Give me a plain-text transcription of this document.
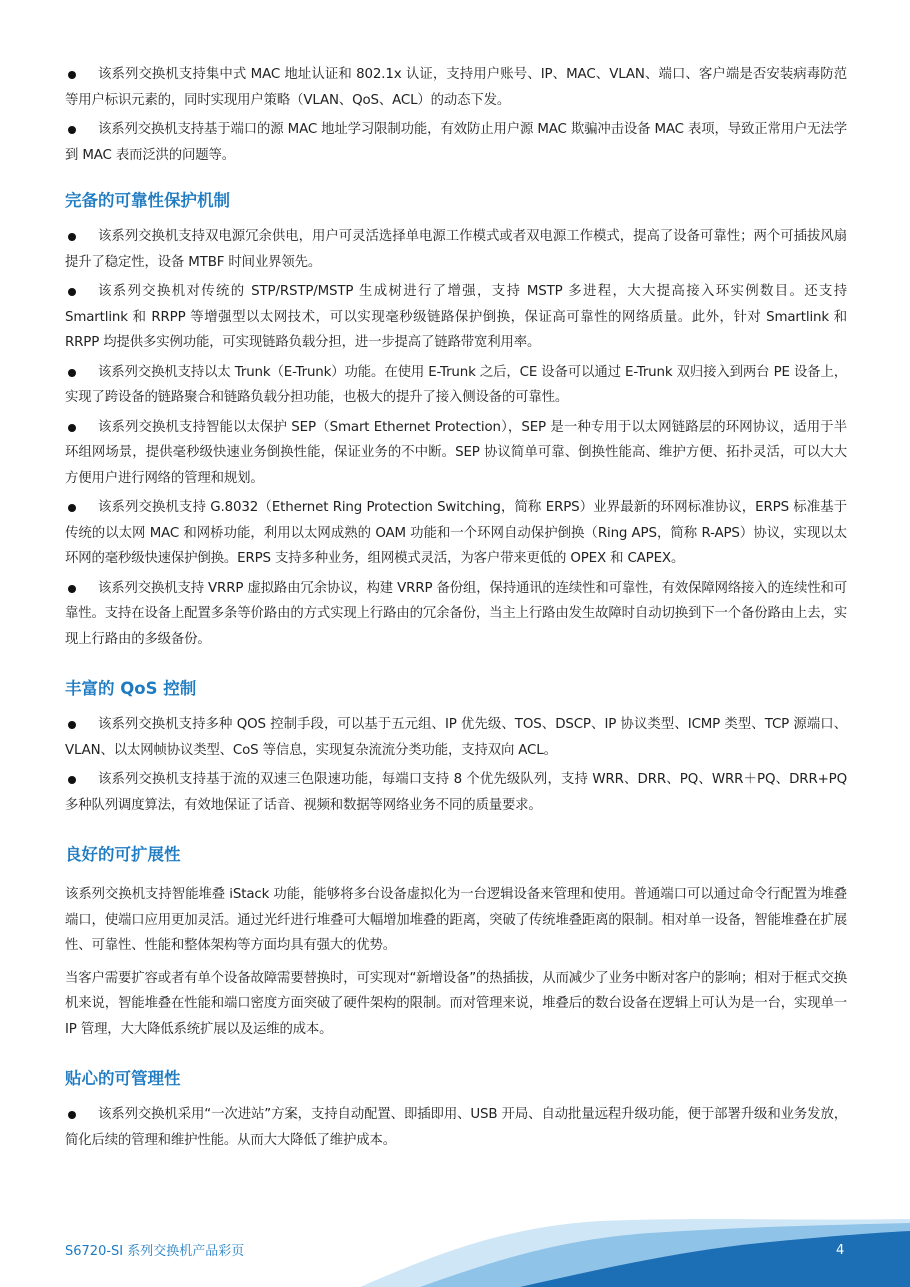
该系列交换机支持集中式 MAC 地址认证和 802.1x 认证，支持用户账号、IP、MAC、VLAN、端口、客户端是否安装病毒防范等用户标识元素的，同时实现用户策略（VLAN、QoS、ACL）的动态下发。
该系列交换机支持基于端口的源 MAC 地址学习限制功能，有效防止用户源 MAC 欺骗冲击设备 MAC 表项，导致正常用户无法学到 MAC 表而泛洪的问题等。
完备的可靠性保护机制
该系列交换机支持双电源冗余供电，用户可灵活选择单电源工作模式或者双电源工作模式，提高了设备可靠性；两个可插拔风扇提升了稳定性，设备 MTBF 时间业界领先。
该系列交换机对传统的 STP/RSTP/MSTP 生成树进行了增强，支持 MSTP 多进程，大大提高接入环实例数目。还支持 Smartlink 和 RRPP 等增强型以太网技术，可以实现毫秒级链路保护倒换，保证高可靠性的网络质量。此外，针对 Smartlink 和 RRPP 均提供多实例功能，可实现链路负载分担，进一步提高了链路带宽利用率。
该系列交换机支持以太 Trunk（E-Trunk）功能。在使用 E-Trunk 之后，CE 设备可以通过 E-Trunk 双归接入到两台 PE 设备上，实现了跨设备的链路聚合和链路负载分担功能，也极大的提升了接入侧设备的可靠性。
该系列交换机支持智能以太保护 SEP（Smart Ethernet Protection），SEP 是一种专用于以太网链路层的环网协议，适用于半环组网场景，提供毫秒级快速业务倒换性能，保证业务的不中断。SEP 协议简单可靠、倒换性能高、维护方便、拓扑灵活，可以大大方便用户进行网络的管理和规划。
该系列交换机支持 G.8032（Ethernet Ring Protection Switching，简称 ERPS）业界最新的环网标准协议，ERPS 标准基于传统的以太网 MAC 和网桥功能，利用以太网成熟的 OAM 功能和一个环网自动保护倒换（Ring APS，简称 R-APS）协议，实现以太环网的毫秒级快速保护倒换。ERPS 支持多种业务，组网模式灵活，为客户带来更低的 OPEX 和 CAPEX。
该系列交换机支持 VRRP 虚拟路由冗余协议，构建 VRRP 备份组，保持通讯的连续性和可靠性，有效保障网络接入的连续性和可靠性。支持在设备上配置多条等价路由的方式实现上行路由的冗余备份，当主上行路由发生故障时自动切换到下一个备份路由上去，实现上行路由的多级备份。
丰富的 QoS 控制
该系列交换机支持多种 QOS 控制手段，可以基于五元组、IP 优先级、TOS、DSCP、IP 协议类型、ICMP 类型、TCP 源端口、VLAN、以太网帧协议类型、CoS 等信息，实现复杂流流分类功能，支持双向 ACL。
该系列交换机支持基于流的双速三色限速功能，每端口支持 8 个优先级队列，支持 WRR、DRR、PQ、WRR＋PQ、DRR+PQ 多种队列调度算法，有效地保证了话音、视频和数据等网络业务不同的质量要求。
良好的可扩展性

该系列交换机支持智能堆叠 iStack 功能，能够将多台设备虚拟化为一台逻辑设备来管理和使用。普通端口可以通过命令行配置为堆叠端口，使端口应用更加灵活。通过光纤进行堆叠可大幅增加堆叠的距离，突破了传统堆叠距离的限制。相对单一设备，智能堆叠在扩展性、可靠性、性能和整体架构等方面均具有强大的优势。

当客户需要扩容或者有单个设备故障需要替换时，可实现对“新增设备”的热插拔，从而减少了业务中断对客户的影响；相对于框式交换机来说，智能堆叠在性能和端口密度方面突破了硬件架构的限制。而对管理来说，堆叠后的数台设备在逻辑上可认为是一台，实现单一 IP 管理，大大降低系统扩展以及运维的成本。

贴心的可管理性
该系列交换机采用“一次进站”方案，支持自动配置、即插即用、USB 开局、自动批量远程升级功能，便于部署升级和业务发放，简化后续的管理和维护性能。从而大大降低了维护成本。
S6720-SI 系列交换机产品彩页	4
